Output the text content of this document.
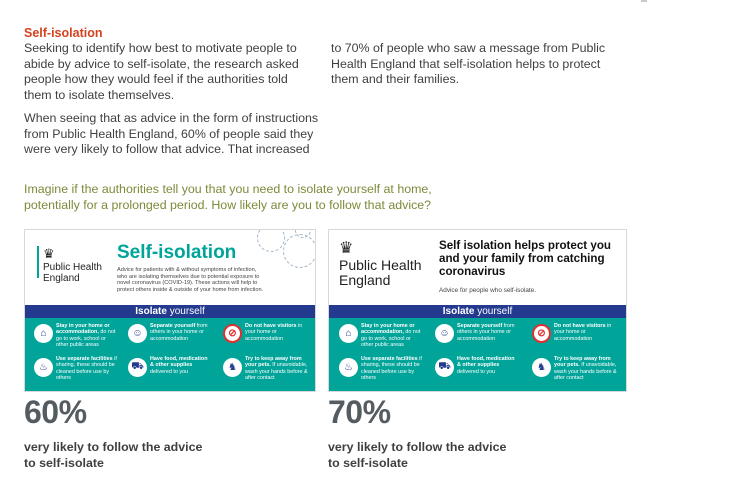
Self-isolation
Seeking to identify how best to motivate people to
abide by advice to self-isolate, the research asked
people how they would feel if the authorities told
them to isolate themselves.
When seeing that as advice in the form of instructions
from Public Health England, 60% of people said they
were very likely to follow that advice. That increased
to 70% of people who saw a message from Public
Health England that self-isolation helps to protect
them and their families.
Imagine if the authorities tell you that you need to isolate yourself at home,
potentially for a prolonged period. How likely are you to follow that advice?
♛
Public Health
England
Self-isolation
Advice for patients with & without symptoms of infection,
who are isolating themselves due to potential exposure to
novel coronavirus (COVID-19). These actions will help to
protect others inside & outside of your home from infection.
Isolate yourself
⌂
Stay in your home or accommodation, do not go to work, school or other public areas
☺
Separate yourself from others in your home or accommodation	⊘
Do not have visitors in your home or accommodation
♨
Use separate facilities if sharing, these should be cleaned before use by others
⛟
Have food, medication & other supplies delivered to you	♞
Try to keep away from your pets. If unavoidable, wash your hands before & after contact
♛
Public Health
England
Self isolation helps protect you
and your family from catching
coronavirus
Advice for people who self-isolate.
Isolate yourself
⌂
Stay in your home or accommodation, do not go to work, school or other public areas
☺
Separate yourself from others in your home or accommodation	⊘
Do not have visitors in your home or accommodation
♨
Use separate facilities if sharing, these should be cleaned before use by others
⛟
Have food, medication & other supplies delivered to you	♞
Try to keep away from your pets. If unavoidable, wash your hands before & after contact
60%
very likely to follow the advice
to self-isolate
70%
very likely to follow the advice
to self-isolate
